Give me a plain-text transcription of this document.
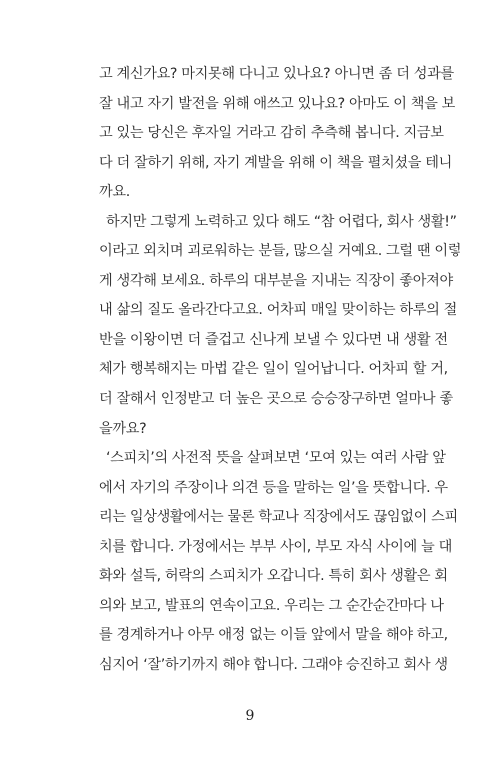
고 계신가요? 마지못해 다니고 있나요? 아니면 좀 더 성과를
잘 내고 자기 발전을 위해 애쓰고 있나요? 아마도 이 책을 보
고 있는 당신은 후자일 거라고 감히 추측해 봅니다. 지금보
다 더 잘하기 위해, 자기 계발을 위해 이 책을 펼치셨을 테니
까요.
하지만 그렇게 노력하고 있다 해도 “참 어렵다, 회사 생활!”
이라고 외치며 괴로워하는 분들, 많으실 거예요. 그럴 땐 이렇
게 생각해 보세요. 하루의 대부분을 지내는 직장이 좋아져야
내 삶의 질도 올라간다고요. 어차피 매일 맞이하는 하루의 절
반을 이왕이면 더 즐겁고 신나게 보낼 수 있다면 내 생활 전
체가 행복해지는 마법 같은 일이 일어납니다. 어차피 할 거,
더 잘해서 인정받고 더 높은 곳으로 승승장구하면 얼마나 좋
을까요?
‘스피치’의 사전적 뜻을 살펴보면 ‘모여 있는 여러 사람 앞
에서 자기의 주장이나 의견 등을 말하는 일’을 뜻합니다. 우
리는 일상생활에서는 물론 학교나 직장에서도 끊임없이 스피
치를 합니다. 가정에서는 부부 사이, 부모 자식 사이에 늘 대
화와 설득, 허락의 스피치가 오갑니다. 특히 회사 생활은 회
의와 보고, 발표의 연속이고요. 우리는 그 순간순간마다 나
를 경계하거나 아무 애정 없는 이들 앞에서 말을 해야 하고,
심지어 ‘잘’하기까지 해야 합니다. 그래야 승진하고 회사 생
9
